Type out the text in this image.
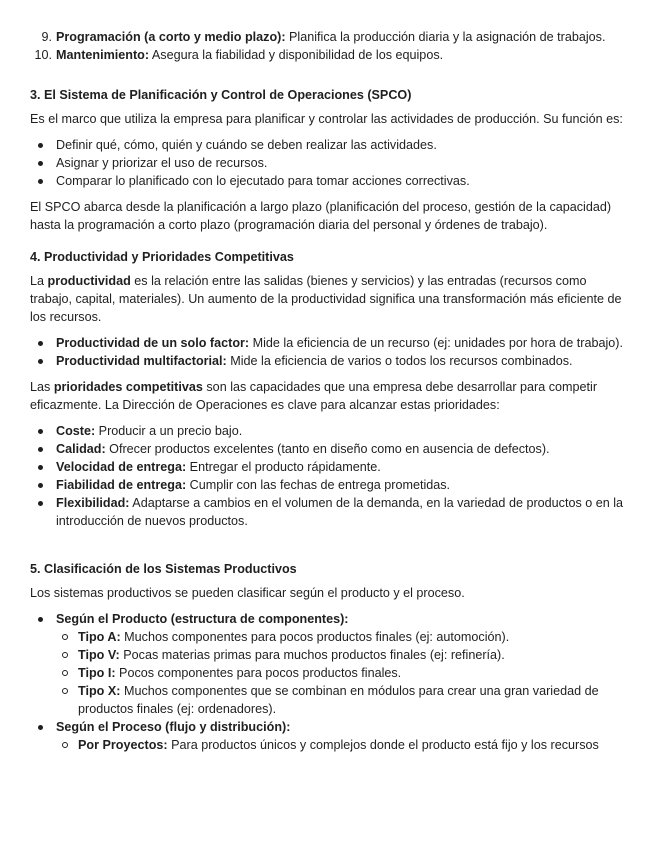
9. Programación (a corto y medio plazo): Planifica la producción diaria y la asignación de trabajos.
10. Mantenimiento: Asegura la fiabilidad y disponibilidad de los equipos.
3. El Sistema de Planificación y Control de Operaciones (SPCO)

Es el marco que utiliza la empresa para planificar y controlar las actividades de producción. Su función es:

Definir qué, cómo, quién y cuándo se deben realizar las actividades.
Asignar y priorizar el uso de recursos.
Comparar lo planificado con lo ejecutado para tomar acciones correctivas.

El SPCO abarca desde la planificación a largo plazo (planificación del proceso, gestión de la capacidad) hasta la programación a corto plazo (programación diaria del personal y órdenes de trabajo).

4. Productividad y Prioridades Competitivas

La productividad es la relación entre las salidas (bienes y servicios) y las entradas (recursos como trabajo, capital, materiales). Un aumento de la productividad significa una transformación más eficiente de los recursos.

Productividad de un solo factor: Mide la eficiencia de un recurso (ej: unidades por hora de trabajo).
Productividad multifactorial: Mide la eficiencia de varios o todos los recursos combinados.

Las prioridades competitivas son las capacidades que una empresa debe desarrollar para competir eficazmente. La Dirección de Operaciones es clave para alcanzar estas prioridades:

Coste: Producir a un precio bajo.
Calidad: Ofrecer productos excelentes (tanto en diseño como en ausencia de defectos).
Velocidad de entrega: Entregar el producto rápidamente.
Fiabilidad de entrega: Cumplir con las fechas de entrega prometidas.
Flexibilidad: Adaptarse a cambios en el volumen de la demanda, en la variedad de productos o en la introducción de nuevos productos.
5. Clasificación de los Sistemas Productivos

Los sistemas productivos se pueden clasificar según el producto y el proceso.

Según el Producto (estructura de componentes):
Tipo A: Muchos componentes para pocos productos finales (ej: automoción).
Tipo V: Pocas materias primas para muchos productos finales (ej: refinería).
Tipo I: Pocos componentes para pocos productos finales.
Tipo X: Muchos componentes que se combinan en módulos para crear una gran variedad de productos finales (ej: ordenadores).
Según el Proceso (flujo y distribución):
Por Proyectos: Para productos únicos y complejos donde el producto está fijo y los recursos
